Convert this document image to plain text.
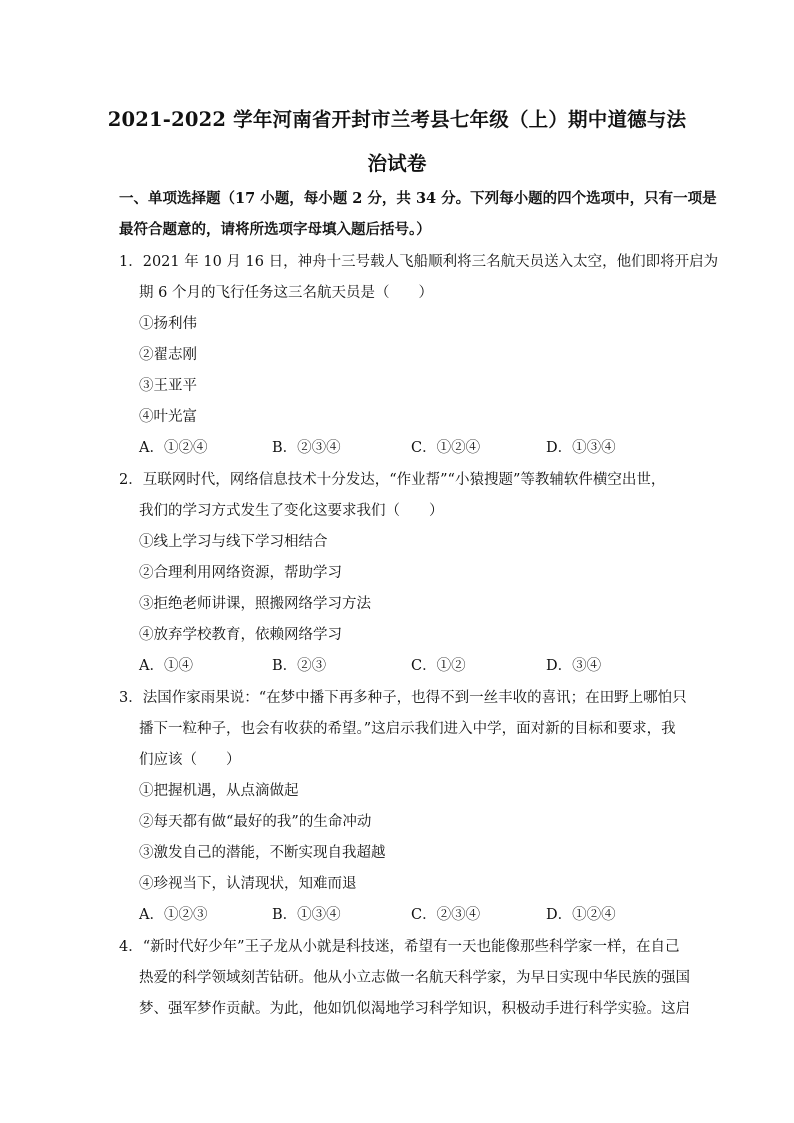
2021-2022 学年河南省开封市兰考县七年级（上）期中道德与法
治试卷
一、单项选择题（17 小题，每小题 2 分，共 34 分。下列每小题的四个选项中，只有一项是
最符合题意的，请将所选项字母填入题后括号。）
1．2021 年 10 月 16 日，神舟十三号载人飞船顺利将三名航天员送入太空，他们即将开启为
期 6 个月的飞行任务这三名航天员是（　　）
①扬利伟
②翟志刚
③王亚平
④叶光富
A．①②④	B．②③④	C．①②④	D．①③④
2．互联网时代，网络信息技术十分发达，“作业帮”“小猿搜题”等教辅软件横空出世，
我们的学习方式发生了变化这要求我们（　　）
①线上学习与线下学习相结合
②合理利用网络资源，帮助学习
③拒绝老师讲课，照搬网络学习方法
④放弃学校教育，依赖网络学习
A．①④	B．②③	C．①②	D．③④
3．法国作家雨果说：“在梦中播下再多种子，也得不到一丝丰收的喜讯；在田野上哪怕只
播下一粒种子，也会有收获的希望。”这启示我们进入中学，面对新的目标和要求，我
们应该（　　）
①把握机遇，从点滴做起
②每天都有做“最好的我”的生命冲动
③激发自己的潜能，不断实现自我超越
④珍视当下，认清现状，知难而退
A．①②③	B．①③④	C．②③④	D．①②④
4．“新时代好少年”王子龙从小就是科技迷，希望有一天也能像那些科学家一样，在自己
热爱的科学领域刻苦钻研。他从小立志做一名航天科学家，为早日实现中华民族的强国
梦、强军梦作贡献。为此，他如饥似渴地学习科学知识，积极动手进行科学实验。这启
